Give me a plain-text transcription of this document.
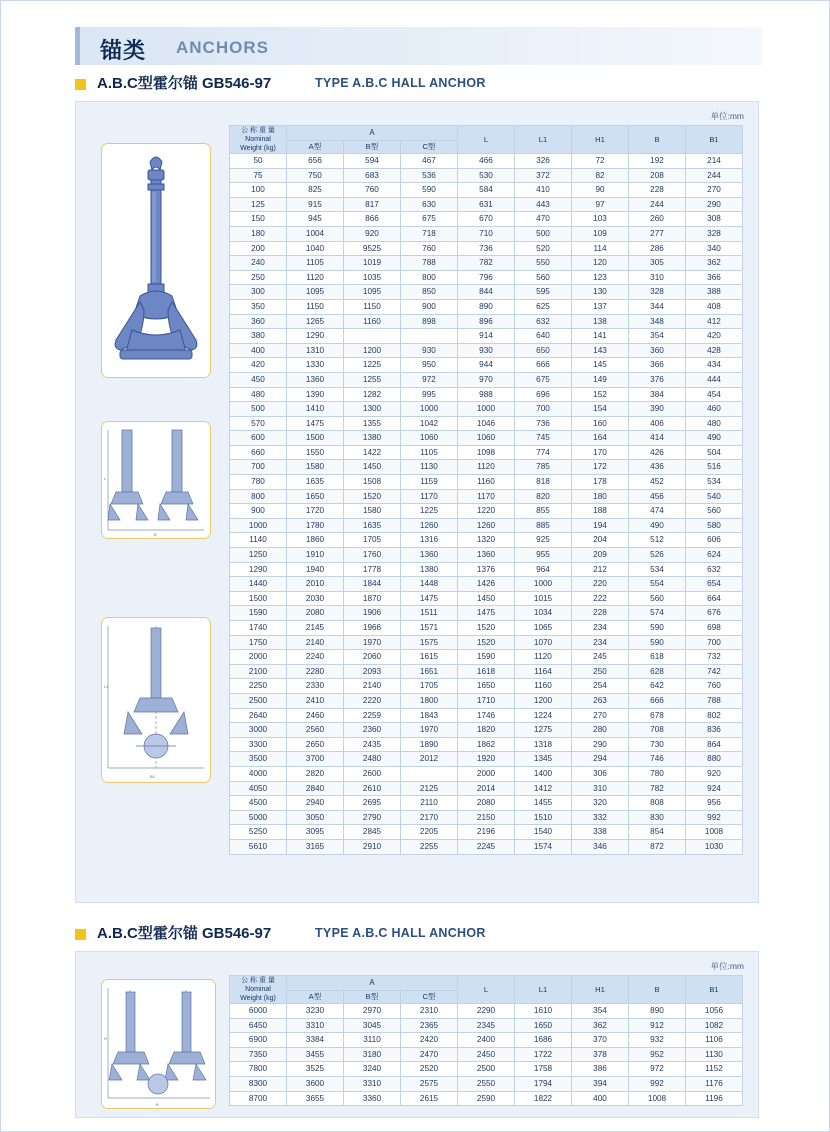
锚类 ANCHORS
A.B.C型霍尔锚 GB546-97	TYPE A.B.C HALL ANCHOR
单位:mm
L
B
L1
B1
公 称 重 量 Nominal
Weight (kg)	A			L	L1	H1	B	B1
	A型	B型	C型					
50	656	594	467	466	326	72	192	214
75	750	683	536	530	372	82	208	244
100	825	760	590	584	410	90	228	270
125	915	817	630	631	443	97	244	290
150	945	866	675	670	470	103	260	308
180	1004	920	718	710	500	109	277	328
200	1040	9525	760	736	520	114	286	340
240	1105	1019	788	782	550	120	305	362
250	1120	1035	800	796	560	123	310	366
300	1095	1095	850	844	595	130	328	388
350	1150	1150	900	890	625	137	344	408
360	1265	1160	898	896	632	138	348	412
380	1290			914	640	141	354	420
400	1310	1200	930	930	650	143	360	428
420	1330	1225	950	944	666	145	366	434
450	1360	1255	972	970	675	149	376	444
480	1390	1282	995	988	696	152	384	454
500	1410	1300	1000	1000	700	154	390	460
570	1475	1355	1042	1046	736	160	406	480
600	1500	1380	1060	1060	745	164	414	490
660	1550	1422	1105	1098	774	170	426	504
700	1580	1450	1130	1120	785	172	436	516
780	1635	1508	1159	1160	818	178	452	534
800	1650	1520	1170	1170	820	180	456	540
900	1720	1580	1225	1220	855	188	474	560
1000	1780	1635	1260	1260	885	194	490	580
1140	1860	1705	1316	1320	925	204	512	606
1250	1910	1760	1360	1360	955	209	526	624
1290	1940	1778	1380	1376	964	212	534	632
1440	2010	1844	1448	1426	1000	220	554	654
1500	2030	1870	1475	1450	1015	222	560	664
1590	2080	1906	1511	1475	1034	228	574	676
1740	2145	1966	1571	1520	1065	234	590	698
1750	2140	1970	1575	1520	1070	234	590	700
2000	2240	2060	1615	1590	1120	245	618	732
2100	2280	2093	1651	1618	1164	250	628	742
2250	2330	2140	1705	1650	1160	254	642	760
2500	2410	2220	1800	1710	1200	263	666	788
2640	2460	2259	1843	1746	1224	270	678	802
3000	2560	2360	1970	1820	1275	280	708	836
3300	2650	2435	1890	1862	1318	290	730	864
3500	3700	2480	2012	1920	1345	294	746	880
4000	2820	2600		2000	1400	306	780	920
4050	2840	2610	2125	2014	1412	310	782	924
4500	2940	2695	2110	2080	1455	320	808	956
5000	3050	2790	2170	2150	1510	332	830	992
5250	3095	2845	2205	2196	1540	338	854	1008
5610	3165	2910	2255	2245	1574	346	872	1030
A.B.C型霍尔锚 GB546-97	TYPE A.B.C HALL ANCHOR
单位:mm
H
B
公 称 重 量 Nominal
Weight (kg)	A			L	L1	H1	B	B1
	A型	B型	C型					
6000	3230	2970	2310	2290	1610	354	890	1056
6450	3310	3045	2365	2345	1650	362	912	1082
6900	3384	3110	2420	2400	1686	370	932	1106
7350	3455	3180	2470	2450	1722	378	952	1130
7800	3525	3240	2520	2500	1758	386	972	1152
8300	3600	3310	2575	2550	1794	394	992	1176
8700	3655	3360	2615	2590	1822	400	1008	1196
